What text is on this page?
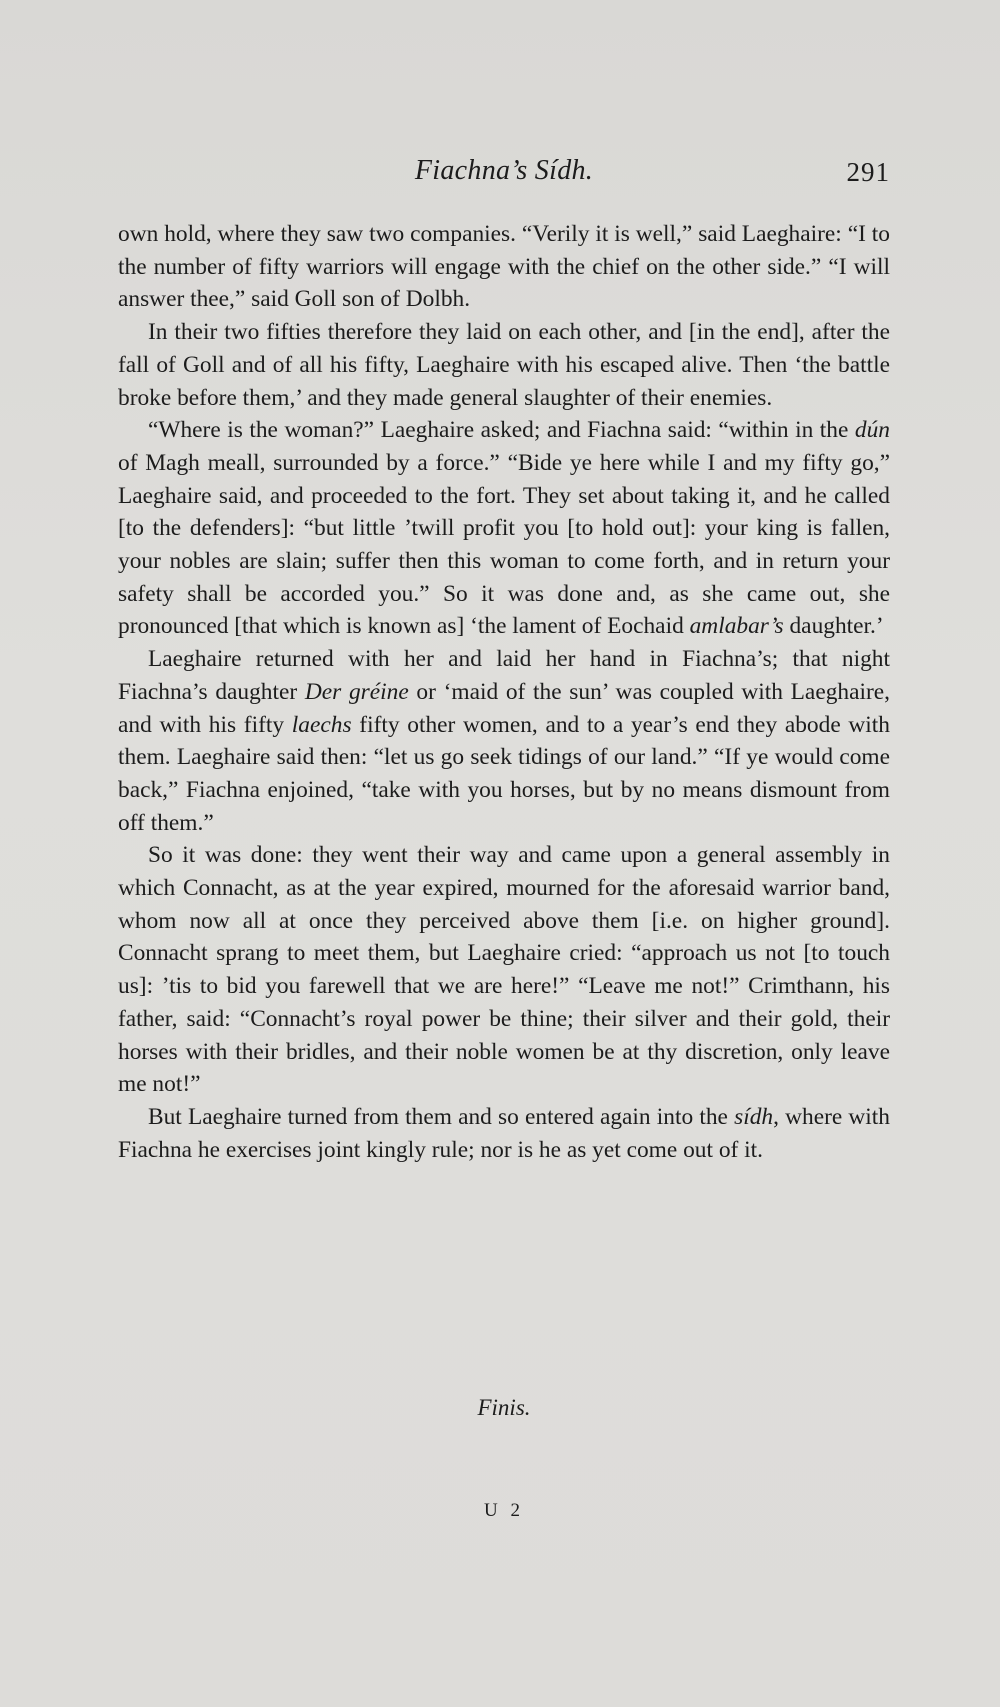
Fiachna’s Sídh.	291

own hold, where they saw two companies. “Verily it is well,” said Laeghaire: “I to the number of fifty warriors will engage with the chief on the other side.” “I will answer thee,” said Goll son of Dolbh.

In their two fifties therefore they laid on each other, and [in the end], after the fall of Goll and of all his fifty, Laeghaire with his escaped alive. Then ‘the battle broke before them,’ and they made general slaughter of their enemies.

“Where is the woman?” Laeghaire asked; and Fiachna said: “within in the dún of Magh meall, surrounded by a force.” “Bide ye here while I and my fifty go,” Laeghaire said, and proceeded to the fort. They set about taking it, and he called [to the defenders]: “but little ’twill profit you [to hold out]: your king is fallen, your nobles are slain; suffer then this woman to come forth, and in return your safety shall be accorded you.” So it was done and, as she came out, she pronounced [that which is known as] ‘the lament of Eochaid amlabar’s daughter.’

Laeghaire returned with her and laid her hand in Fiachna’s; that night Fiachna’s daughter Der gréine or ‘maid of the sun’ was coupled with Laeghaire, and with his fifty laechs fifty other women, and to a year’s end they abode with them. Laeghaire said then: “let us go seek tidings of our land.” “If ye would come back,” Fiachna enjoined, “take with you horses, but by no means dismount from off them.”

So it was done: they went their way and came upon a general assembly in which Connacht, as at the year expired, mourned for the aforesaid warrior band, whom now all at once they perceived above them [i.e. on higher ground]. Connacht sprang to meet them, but Laeghaire cried: “approach us not [to touch us]: ’tis to bid you farewell that we are here!” “Leave me not!” Crimthann, his father, said: “Connacht’s royal power be thine; their silver and their gold, their horses with their bridles, and their noble women be at thy discretion, only leave me not!”

But Laeghaire turned from them and so entered again into the sídh, where with Fiachna he exercises joint kingly rule; nor is he as yet come out of it.

Finis.
U 2
